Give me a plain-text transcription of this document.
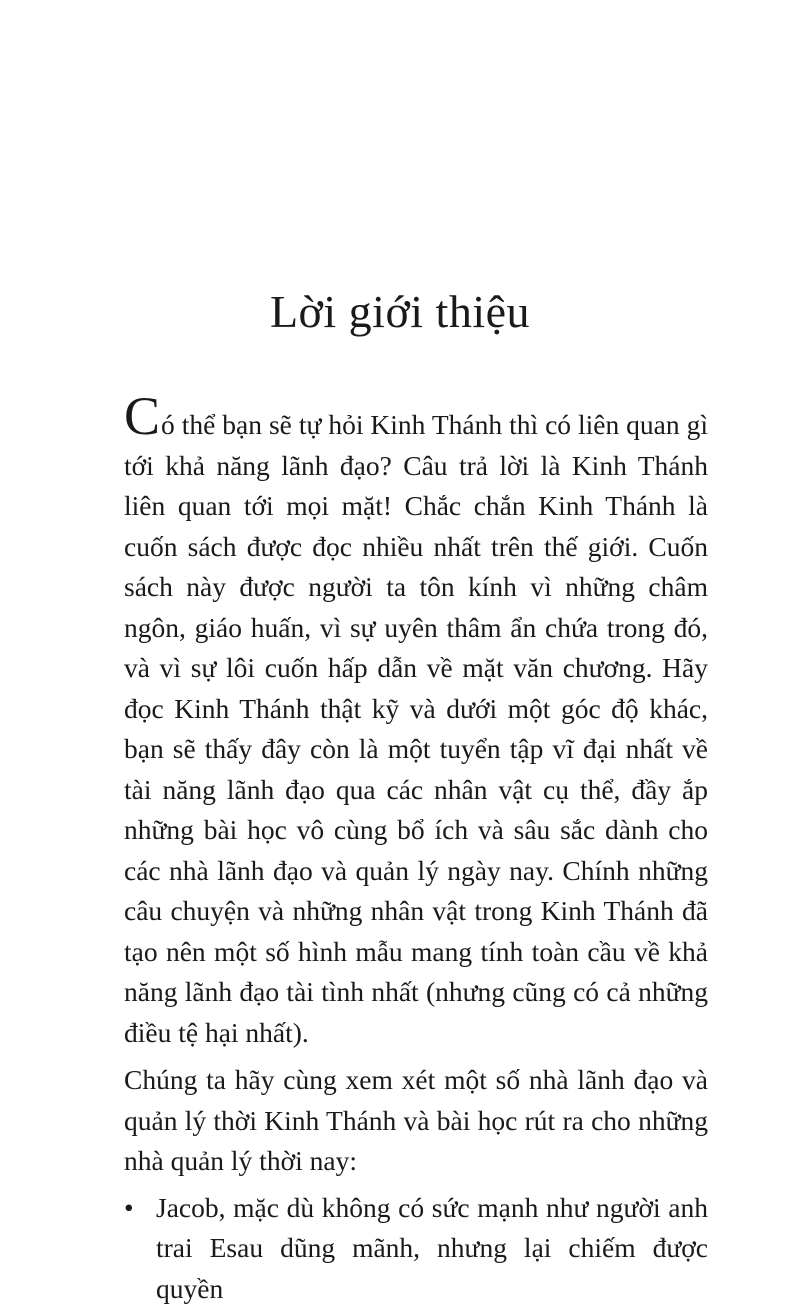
Lời giới thiệu

Có thể bạn sẽ tự hỏi Kinh Thánh thì có liên quan gì tới khả năng lãnh đạo? Câu trả lời là Kinh Thánh liên quan tới mọi mặt! Chắc chắn Kinh Thánh là cuốn sách được đọc nhiều nhất trên thế giới. Cuốn sách này được người ta tôn kính vì những châm ngôn, giáo huấn, vì sự uyên thâm ẩn chứa trong đó, và vì sự lôi cuốn hấp dẫn về mặt văn chương. Hãy đọc Kinh Thánh thật kỹ và dưới một góc độ khác, bạn sẽ thấy đây còn là một tuyển tập vĩ đại nhất về tài năng lãnh đạo qua các nhân vật cụ thể, đầy ắp những bài học vô cùng bổ ích và sâu sắc dành cho các nhà lãnh đạo và quản lý ngày nay. Chính những câu chuyện và những nhân vật trong Kinh Thánh đã tạo nên một số hình mẫu mang tính toàn cầu về khả năng lãnh đạo tài tình nhất (nhưng cũng có cả những điều tệ hại nhất).

Chúng ta hãy cùng xem xét một số nhà lãnh đạo và quản lý thời Kinh Thánh và bài học rút ra cho những nhà quản lý thời nay:

• Jacob, mặc dù không có sức mạnh như người anh trai Esau dũng mãnh, nhưng lại chiếm được quyền
